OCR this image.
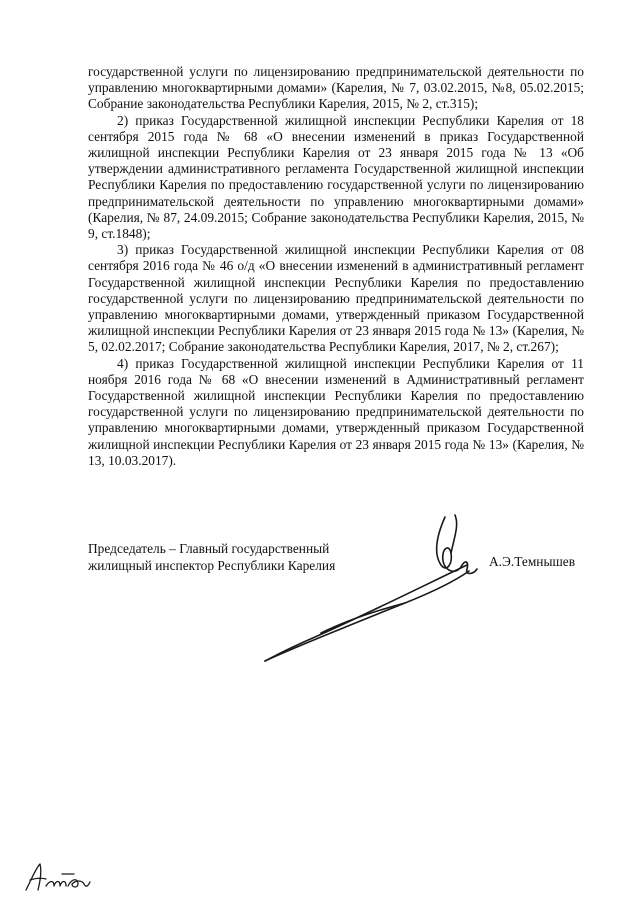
государственной услуги по лицензированию предпринимательской деятельности по управлению многоквартирными домами» (Карелия, № 7, 03.02.2015, №8, 05.02.2015; Собрание законодательства Республики Карелия, 2015, № 2, ст.315);

2) приказ Государственной жилищной инспекции Республики Карелия от 18 сентября 2015 года № 68 «О внесении изменений в приказ Государственной жилищной инспекции Республики Карелия от 23 января 2015 года № 13 «Об утверждении административного регламента Государственной жилищной инспекции Республики Карелия по предоставлению государственной услуги по лицензированию предпринимательской деятельности по управлению многоквартирными домами» (Карелия, № 87, 24.09.2015; Собрание законодательства Республики Карелия, 2015, № 9, ст.1848);

3) приказ Государственной жилищной инспекции Республики Карелия от 08 сентября 2016 года № 46 о/д «О внесении изменений в административный регламент Государственной жилищной инспекции Республики Карелия по предоставлению государственной услуги по лицензированию предпринимательской деятельности по управлению многоквартирными домами, утвержденный приказом Государственной жилищной инспекции Республики Карелия от 23 января 2015 года № 13» (Карелия, № 5, 02.02.2017; Собрание законодательства Республики Карелия, 2017, № 2, ст.267);

4) приказ Государственной жилищной инспекции Республики Карелия от 11 ноября 2016 года № 68 «О внесении изменений в Административный регламент Государственной жилищной инспекции Республики Карелия по предоставлению государственной услуги по лицензированию предпринимательской деятельности по управлению многоквартирными домами, утвержденный приказом Государственной жилищной инспекции Республики Карелия от 23 января 2015 года № 13» (Карелия, № 13, 10.03.2017).

Председатель – Главный государственный
жилищный инспектор Республики Карелия	А.Э.Темнышев
